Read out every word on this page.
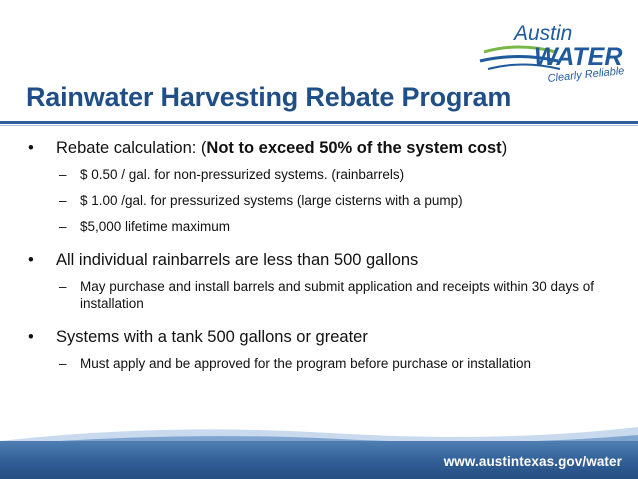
Austin
WATER
Clearly Reliable
Rainwater Harvesting Rebate Program
• Rebate calculation: (Not to exceed 50% of the system cost)
– $ 0.50 / gal. for non-pressurized systems. (rainbarrels)
– $ 1.00 /gal. for pressurized systems (large cisterns with a pump)
– $5,000 lifetime maximum
• All individual rainbarrels are less than 500 gallons
– May purchase and install barrels and submit application and receipts within 30 days of installation
• Systems with a tank 500 gallons or greater
– Must apply and be approved for the program before purchase or installation
www.austintexas.gov/water
